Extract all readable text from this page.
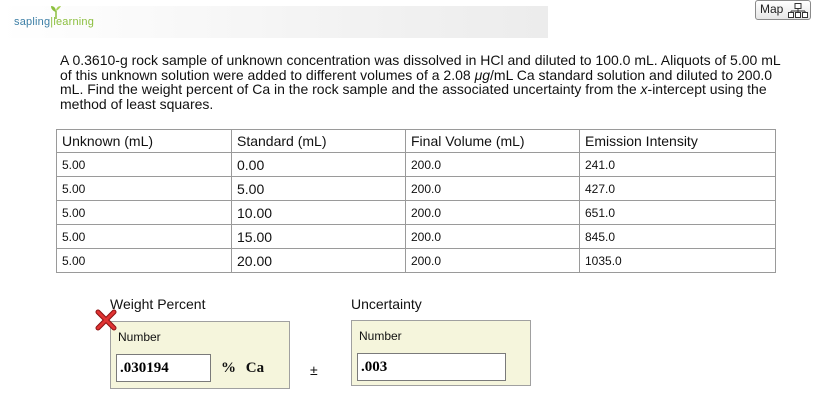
sapling|learning
Map
A 0.3610-g rock sample of unknown concentration was dissolved in HCl and diluted to 100.0 mL. Aliquots of 5.00 mL of this unknown solution were added to different volumes of a 2.08 μg/mL Ca standard solution and diluted to 200.0 mL. Find the weight percent of Ca in the rock sample and the associated uncertainty from the x-intercept using the method of least squares.
Unknown (mL)	Standard (mL)	Final Volume (mL)	Emission Intensity
5.00	0.00	200.0	241.0
5.00	5.00	200.0	427.0
5.00	10.00	200.0	651.0
5.00	15.00	200.0	845.0
5.00	20.00	200.0	1035.0
Weight Percent	Uncertainty
Number
.030194
% Ca	±
Number
.003
